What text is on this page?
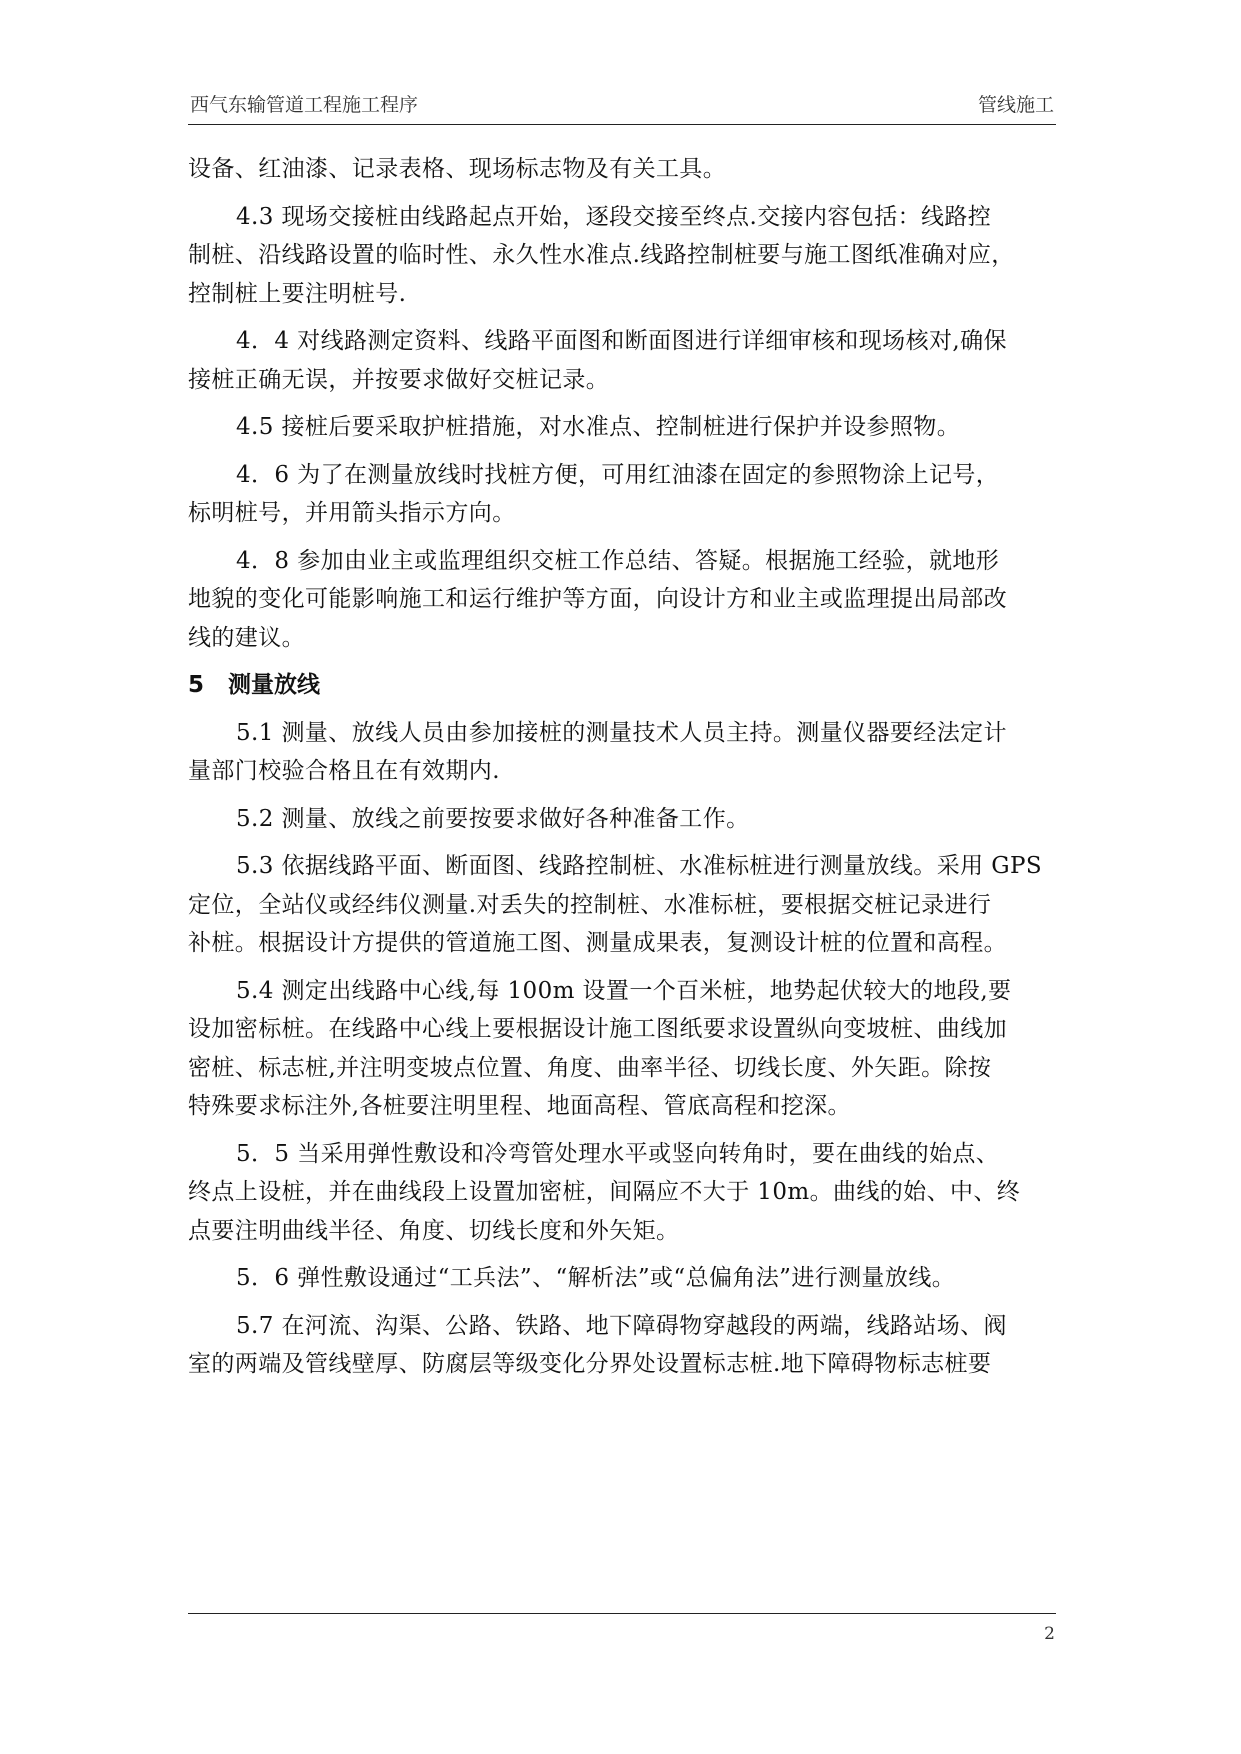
西气东输管道工程施工程序	管线施工
设备、红油漆、记录表格、现场标志物及有关工具。
4.3 现场交接桩由线路起点开始，逐段交接至终点.交接内容包括：线路控
制桩、沿线路设置的临时性、永久性水准点.线路控制桩要与施工图纸准确对应，
控制桩上要注明桩号.
4．4 对线路测定资料、线路平面图和断面图进行详细审核和现场核对,确保
接桩正确无误，并按要求做好交桩记录。
4.5 接桩后要采取护桩措施，对水准点、控制桩进行保护并设参照物。
4．6 为了在测量放线时找桩方便，可用红油漆在固定的参照物涂上记号，
标明桩号，并用箭头指示方向。
4．8 参加由业主或监理组织交桩工作总结、答疑。根据施工经验，就地形
地貌的变化可能影响施工和运行维护等方面，向设计方和业主或监理提出局部改
线的建议。
5 测量放线
5.1 测量、放线人员由参加接桩的测量技术人员主持。测量仪器要经法定计
量部门校验合格且在有效期内.
5.2 测量、放线之前要按要求做好各种准备工作。
5.3 依据线路平面、断面图、线路控制桩、水准标桩进行测量放线。采用 GPS
定位，全站仪或经纬仪测量.对丢失的控制桩、水准标桩，要根据交桩记录进行
补桩。根据设计方提供的管道施工图、测量成果表，复测设计桩的位置和高程。
5.4 测定出线路中心线,每 100m 设置一个百米桩，地势起伏较大的地段,要
设加密标桩。在线路中心线上要根据设计施工图纸要求设置纵向变坡桩、曲线加
密桩、标志桩,并注明变坡点位置、角度、曲率半径、切线长度、外矢距。除按
特殊要求标注外,各桩要注明里程、地面高程、管底高程和挖深。
5．5 当采用弹性敷设和冷弯管处理水平或竖向转角时，要在曲线的始点、
终点上设桩，并在曲线段上设置加密桩，间隔应不大于 10m。曲线的始、中、终
点要注明曲线半径、角度、切线长度和外矢矩。
5．6 弹性敷设通过“工兵法”、“解析法”或“总偏角法”进行测量放线。
5.7 在河流、沟渠、公路、铁路、地下障碍物穿越段的两端，线路站场、阀
室的两端及管线壁厚、防腐层等级变化分界处设置标志桩.地下障碍物标志桩要
2
